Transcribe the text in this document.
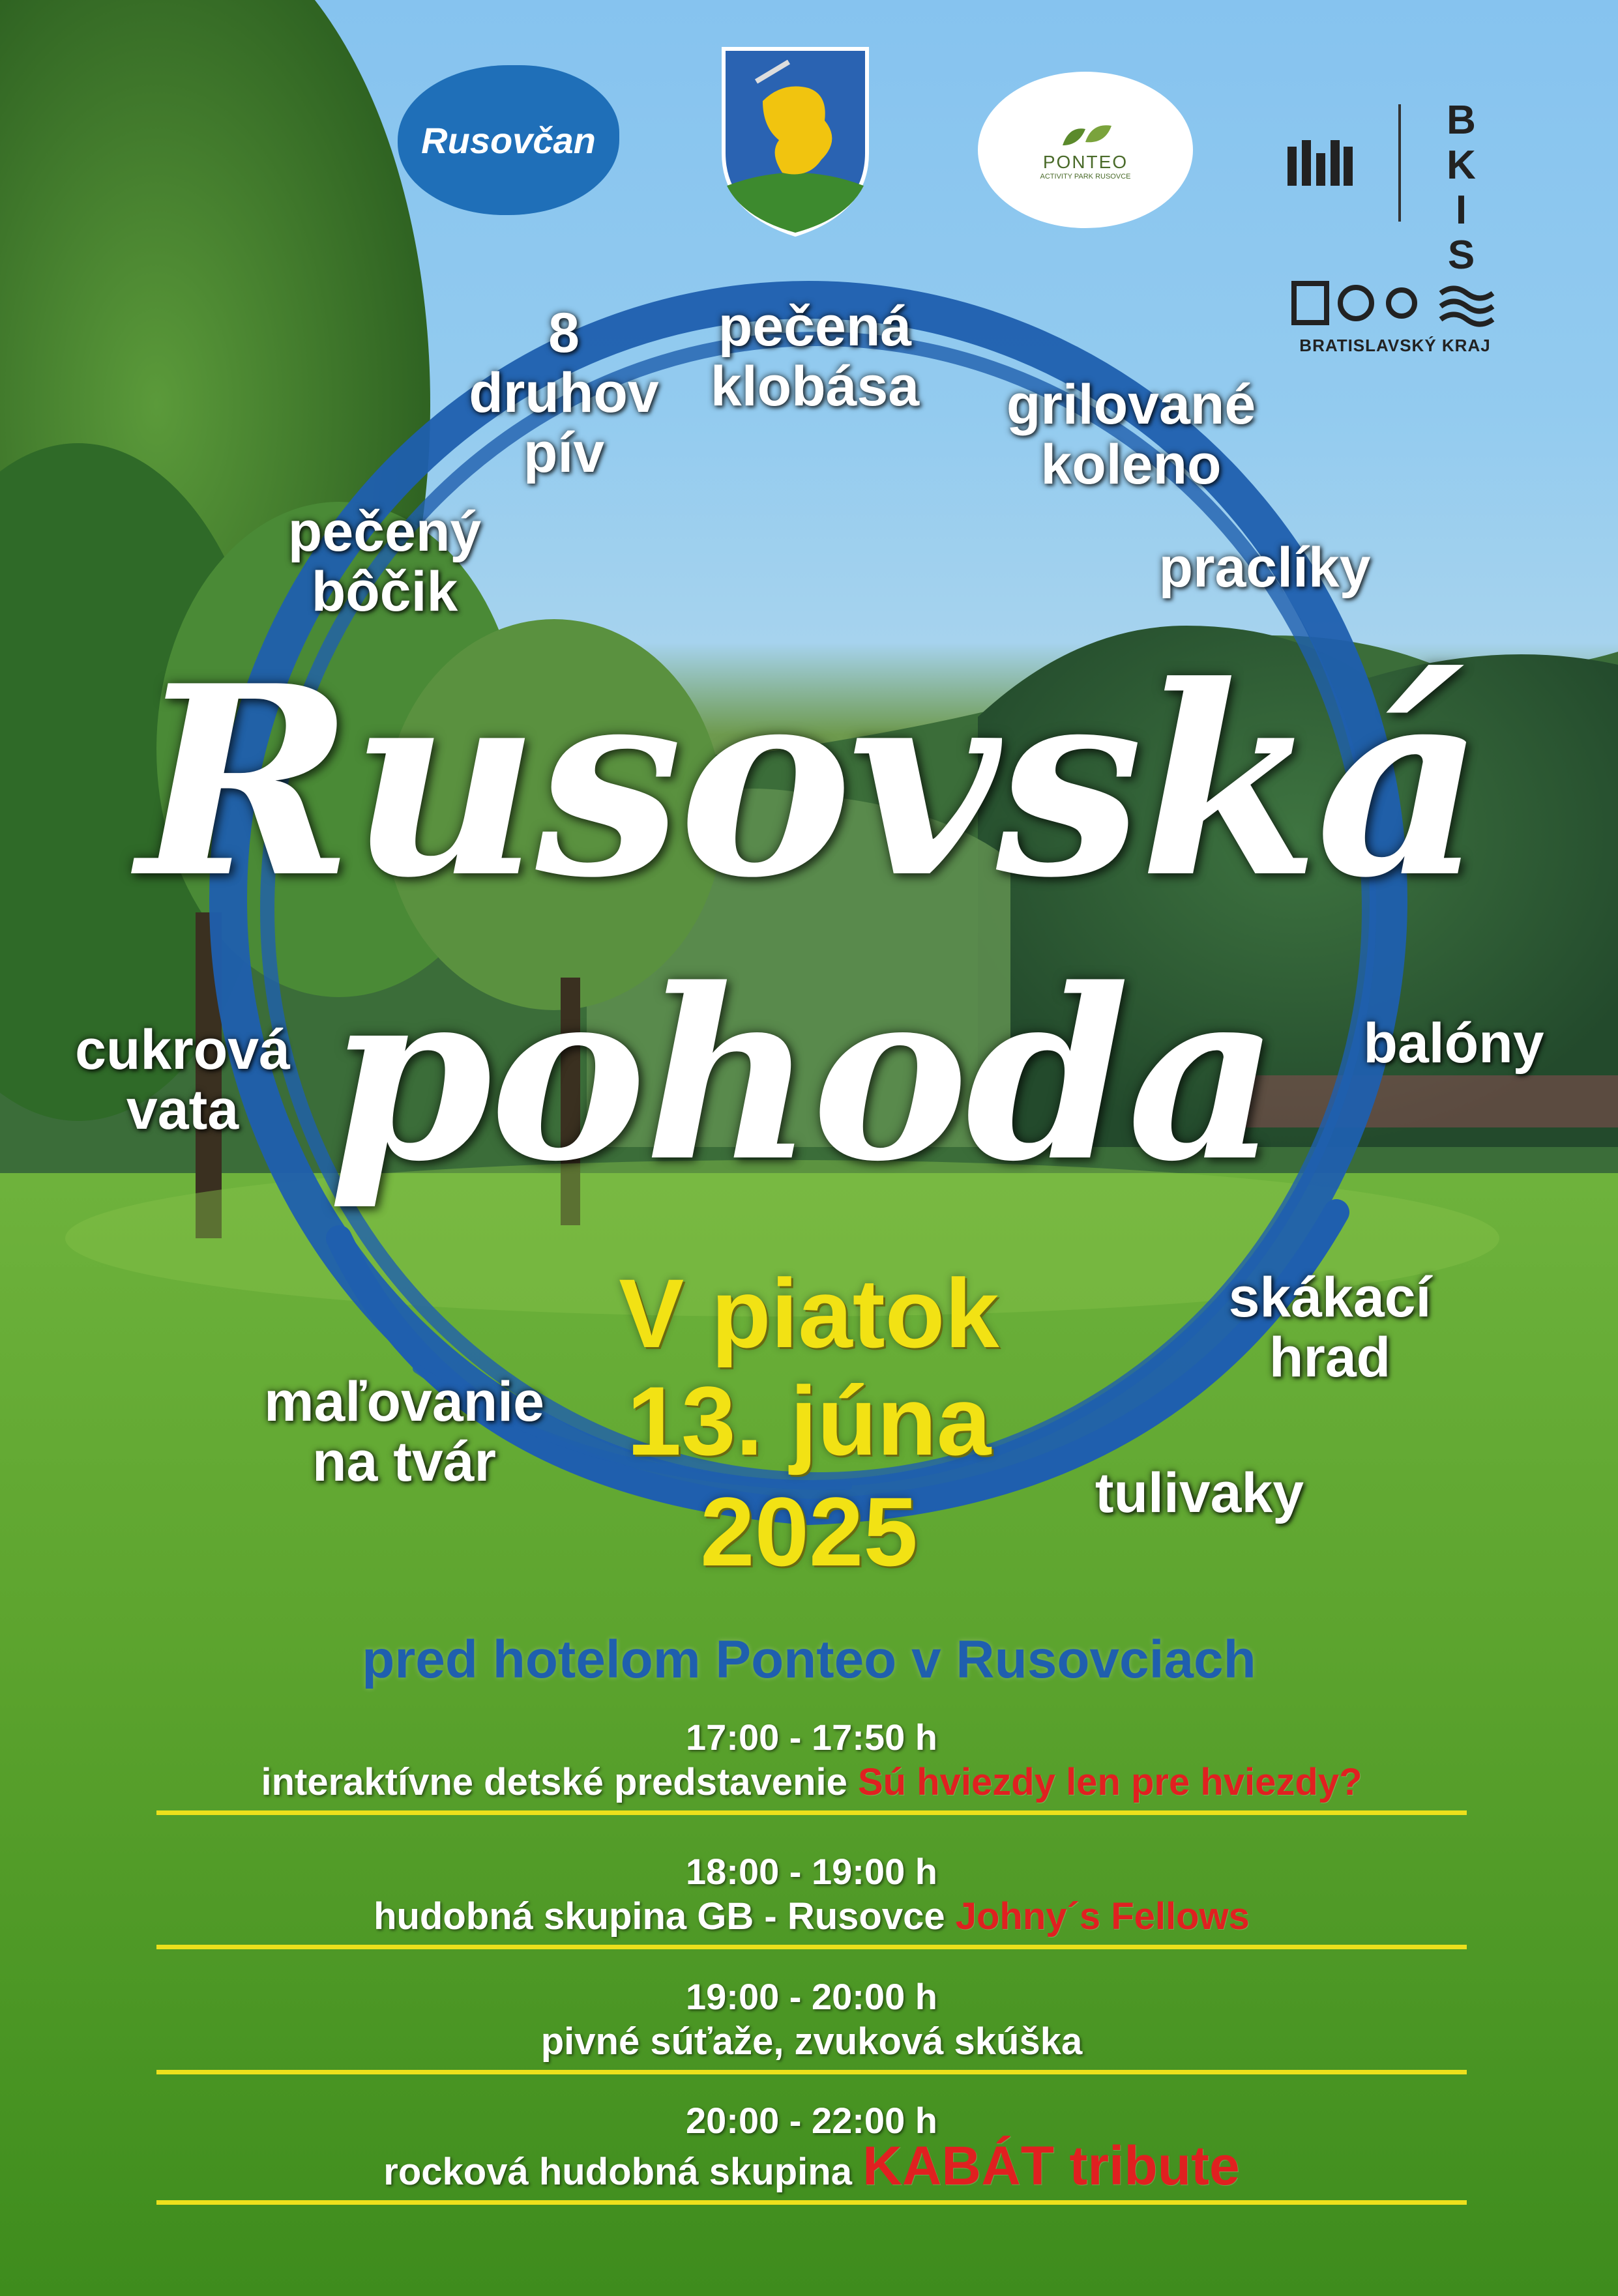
Rusovčan
PONTEO
ACTIVITY PARK RUSOVCE	BKIS
BRATISLAVSKÝ KRAJ
8
druhov
pív
pečená
klobása	grilované
koleno
pečený
bôčik	praclíky
cukrová
vata
balóny
skákací
hrad
maľovanie
na tvár	tulivaky
Rusovská
pohoda
V piatok
13. júna
2025
pred hotelom Ponteo v Rusovciach
17:00 - 17:50 h
interaktívne detské predstavenie Sú hviezdy len pre hviezdy?
18:00 - 19:00 h
hudobná skupina GB - Rusovce Johny´s Fellows
19:00 - 20:00 h
pivné súťaže, zvuková skúška
20:00 - 22:00 h
rocková hudobná skupina KABÁT tribute
